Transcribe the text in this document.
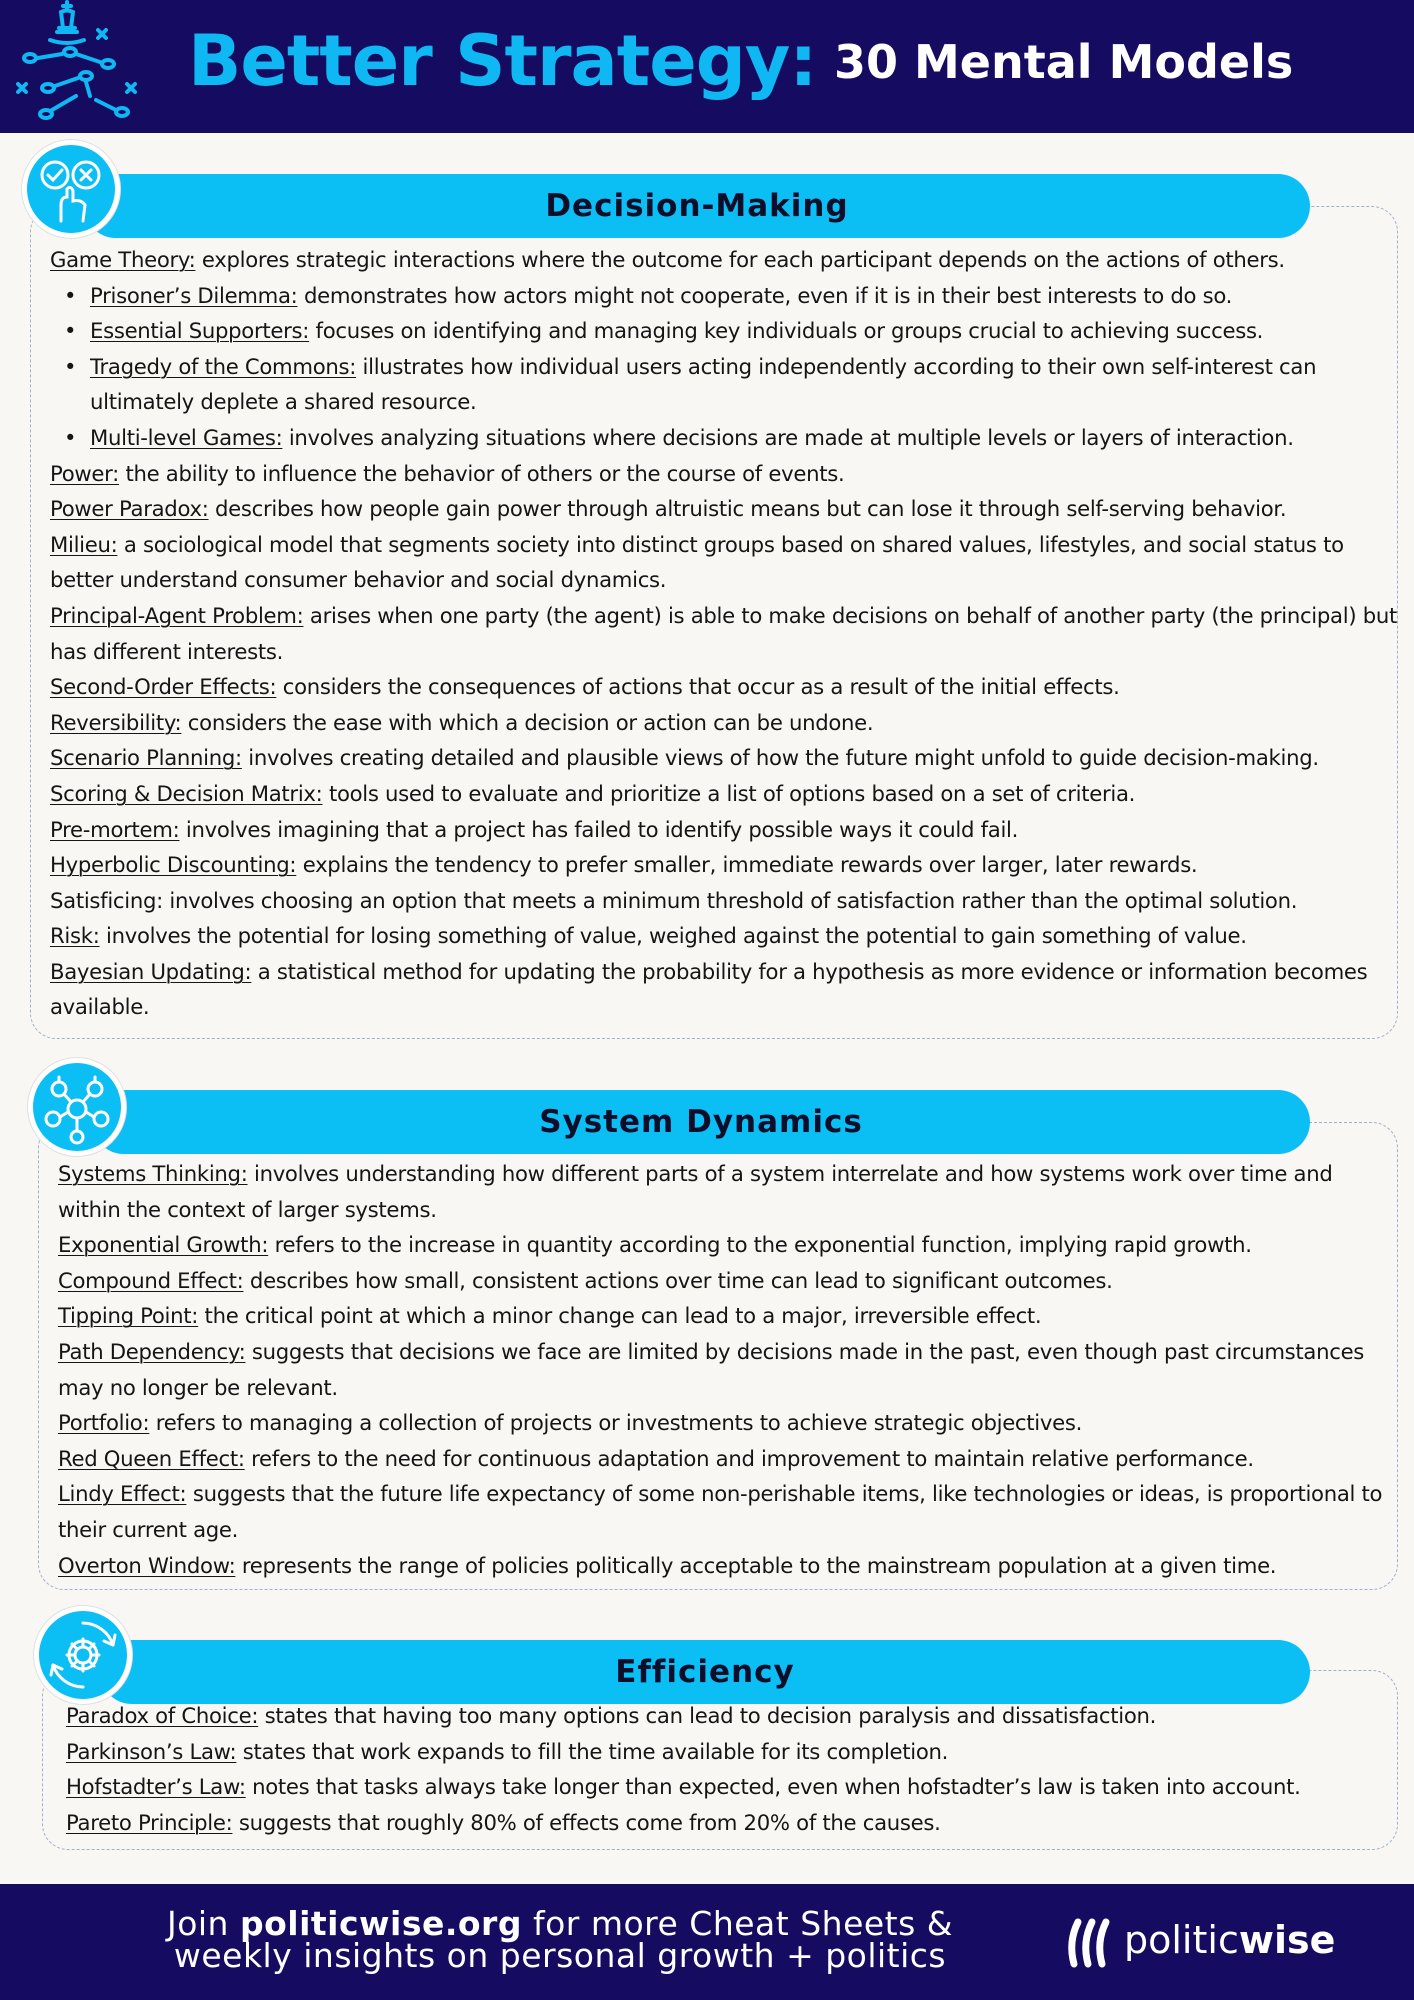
Better Strategy: 30 Mental Models
Decision-Making
Game Theory: explores strategic interactions where the outcome for each participant depends on the actions of others.
• Prisoner’s Dilemma: demonstrates how actors might not cooperate, even if it is in their best interests to do so.
• Essential Supporters: focuses on identifying and managing key individuals or groups crucial to achieving success.
• Tragedy of the Commons: illustrates how individual users acting independently according to their own self-interest can ultimately deplete a shared resource.
• Multi-level Games: involves analyzing situations where decisions are made at multiple levels or layers of interaction.
Power: the ability to influence the behavior of others or the course of events.
Power Paradox: describes how people gain power through altruistic means but can lose it through self-serving behavior.
Milieu: a sociological model that segments society into distinct groups based on shared values, lifestyles, and social status to better understand consumer behavior and social dynamics.
Principal-Agent Problem: arises when one party (the agent) is able to make decisions on behalf of another party (the principal) but has different interests.
Second-Order Effects: considers the consequences of actions that occur as a result of the initial effects.
Reversibility: considers the ease with which a decision or action can be undone.
Scenario Planning: involves creating detailed and plausible views of how the future might unfold to guide decision-making.
Scoring & Decision Matrix: tools used to evaluate and prioritize a list of options based on a set of criteria.
Pre-mortem: involves imagining that a project has failed to identify possible ways it could fail.
Hyperbolic Discounting: explains the tendency to prefer smaller, immediate rewards over larger, later rewards.
Satisficing: involves choosing an option that meets a minimum threshold of satisfaction rather than the optimal solution.
Risk: involves the potential for losing something of value, weighed against the potential to gain something of value.
Bayesian Updating: a statistical method for updating the probability for a hypothesis as more evidence or information becomes available.
System Dynamics
Systems Thinking: involves understanding how different parts of a system interrelate and how systems work over time and within the context of larger systems.
Exponential Growth: refers to the increase in quantity according to the exponential function, implying rapid growth.
Compound Effect: describes how small, consistent actions over time can lead to significant outcomes.
Tipping Point: the critical point at which a minor change can lead to a major, irreversible effect.
Path Dependency: suggests that decisions we face are limited by decisions made in the past, even though past circumstances may no longer be relevant.
Portfolio: refers to managing a collection of projects or investments to achieve strategic objectives.
Red Queen Effect: refers to the need for continuous adaptation and improvement to maintain relative performance.
Lindy Effect: suggests that the future life expectancy of some non-perishable items, like technologies or ideas, is proportional to their current age.
Overton Window: represents the range of policies politically acceptable to the mainstream population at a given time.
Efficiency
Paradox of Choice: states that having too many options can lead to decision paralysis and dissatisfaction.
Parkinson’s Law: states that work expands to fill the time available for its completion.
Hofstadter’s Law: notes that tasks always take longer than expected, even when hofstadter’s law is taken into account.
Pareto Principle: suggests that roughly 80% of effects come from 20% of the causes.
Join politicwise.org for more Cheat Sheets &
weekly insights on personal growth + politics	politicwise
